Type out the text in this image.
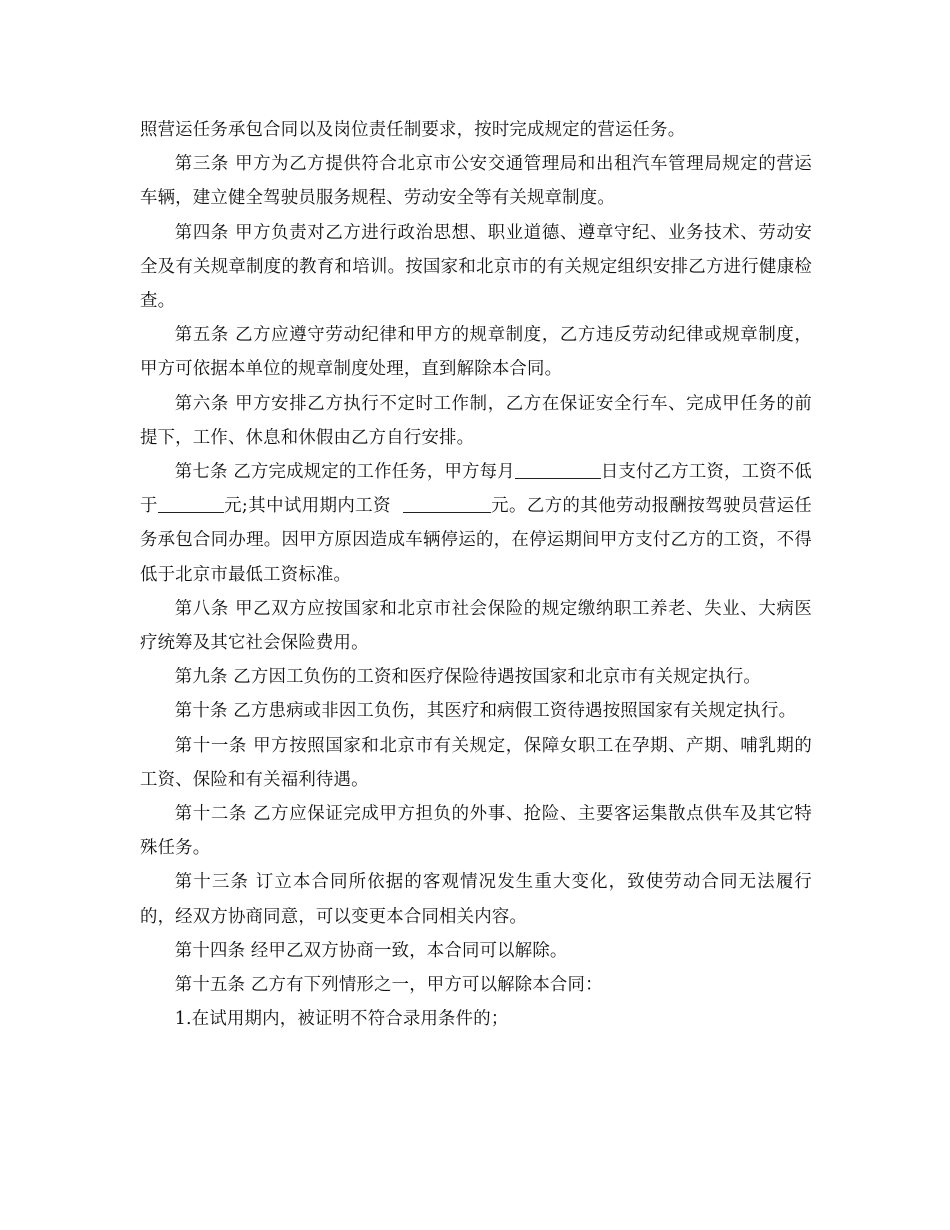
照营运任务承包合同以及岗位责任制要求，按时完成规定的营运任务。

第三条 甲方为乙方提供符合北京市公安交通管理局和出租汽车管理局规定的营运车辆，建立健全驾驶员服务规程、劳动安全等有关规章制度。

第四条 甲方负责对乙方进行政治思想、职业道德、遵章守纪、业务技术、劳动安全及有关规章制度的教育和培训。按国家和北京市的有关规定组织安排乙方进行健康检查。

第五条 乙方应遵守劳动纪律和甲方的规章制度，乙方违反劳动纪律或规章制度，甲方可依据本单位的规章制度处理，直到解除本合同。

第六条 甲方安排乙方执行不定时工作制，乙方在保证安全行车、完成甲任务的前提下，工作、休息和休假由乙方自行安排。

第七条 乙方完成规定的工作任务，甲方每月	日支付乙方工资，工资不低于	元;其中试用期内工资	元。乙方的其他劳动报酬按驾驶员营运任务承包合同办理。因甲方原因造成车辆停运的，在停运期间甲方支付乙方的工资，不得低于北京市最低工资标准。

第八条 甲乙双方应按国家和北京市社会保险的规定缴纳职工养老、失业、大病医疗统筹及其它社会保险费用。

第九条 乙方因工负伤的工资和医疗保险待遇按国家和北京市有关规定执行。

第十条 乙方患病或非因工负伤，其医疗和病假工资待遇按照国家有关规定执行。

第十一条 甲方按照国家和北京市有关规定，保障女职工在孕期、产期、哺乳期的工资、保险和有关福利待遇。

第十二条 乙方应保证完成甲方担负的外事、抢险、主要客运集散点供车及其它特殊任务。

第十三条 订立本合同所依据的客观情况发生重大变化，致使劳动合同无法履行的，经双方协商同意，可以变更本合同相关内容。

第十四条 经甲乙双方协商一致，本合同可以解除。

第十五条 乙方有下列情形之一，甲方可以解除本合同：

1.在试用期内，被证明不符合录用条件的；
